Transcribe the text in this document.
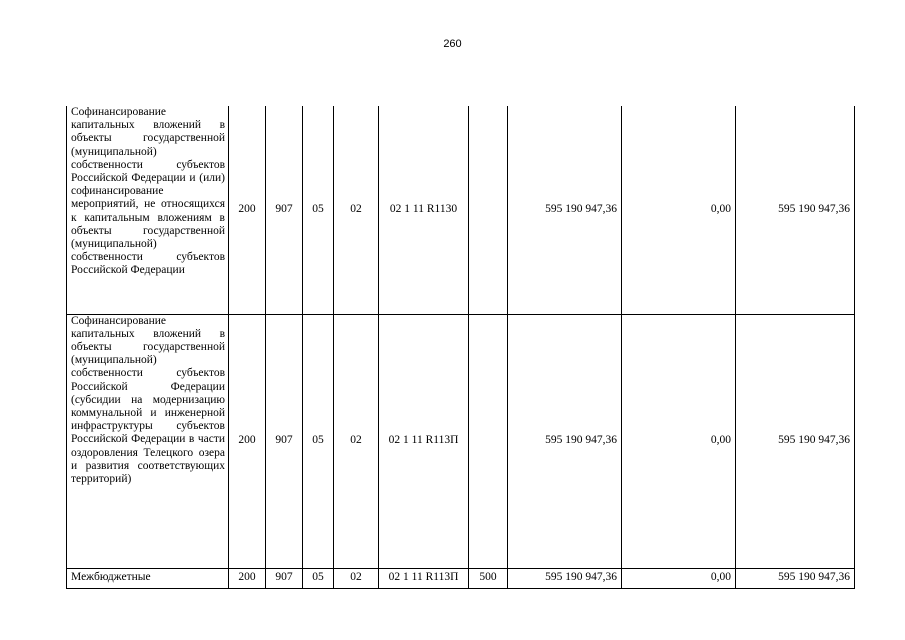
260
Софинансирование капитальных вложений в объекты государственной (муниципальной) собственности субъектов Российской Федерации и (или) софинансирование мероприятий, не относящихся к капитальным вложениям в объекты государственной (муниципальной) собственности субъектов Российской Федерации	200	907	05	02	02 1 11 R1130		595 190 947,36	0,00	595 190 947,36
Софинансирование капитальных вложений в объекты государственной (муниципальной) собственности субъектов Российской Федерации (субсидии на модернизацию коммунальной и инженерной инфраструктуры субъектов Российской Федерации в части оздоровления Телецкого озера и развития соответствующих территорий)	200	907	05	02	02 1 11 R113П		595 190 947,36	0,00	595 190 947,36
Межбюджетные	200	907	05	02	02 1 11 R113П	500	595 190 947,36	0,00	595 190 947,36
